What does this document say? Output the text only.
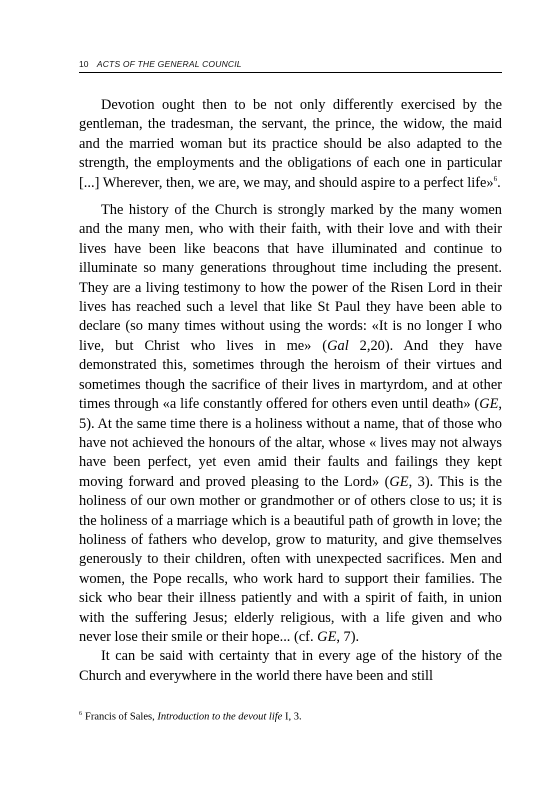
10 ACTS OF THE GENERAL COUNCIL

Devotion ought then to be not only differently exercised by the gentleman, the tradesman, the servant, the prince, the widow, the maid and the married woman but its practice should be also adapted to the strength, the employments and the obligations of each one in particular [...] Wherever, then, we are, we may, and should aspire to a perfect life»$^6$.

The history of the Church is strongly marked by the many women and the many men, who with their faith, with their love and with their lives have been like beacons that have illuminated and continue to illuminate so many generations throughout time including the present. They are a living testimony to how the power of the Risen Lord in their lives has reached such a level that like St Paul they have been able to declare (so many times without using the words: «It is no longer I who live, but Christ who lives in me» (Gal 2,20). And they have demonstrated this, sometimes through the heroism of their virtues and sometimes though the sacrifice of their lives in martyrdom, and at other times through «a life constantly offered for others even until death» (GE, 5). At the same time there is a holiness without a name, that of those who have not achieved the honours of the altar, whose « lives may not always have been perfect, yet even amid their faults and failings they kept moving forward and proved pleasing to the Lord» (GE, 3). This is the holiness of our own mother or grandmother or of others close to us; it is the holiness of a marriage which is a beautiful path of growth in love; the holiness of fathers who develop, grow to maturity, and give themselves generously to their children, often with unexpected sacrifices. Men and women, the Pope recalls, who work hard to support their families. The sick who bear their illness patiently and with a spirit of faith, in union with the suffering Jesus; elderly religious, with a life given and who never lose their smile or their hope... (cf. GE, 7).

It can be said with certainty that in every age of the history of the Church and everywhere in the world there have been and still

$^6$ Francis of Sales, Introduction to the devout life I, 3.
